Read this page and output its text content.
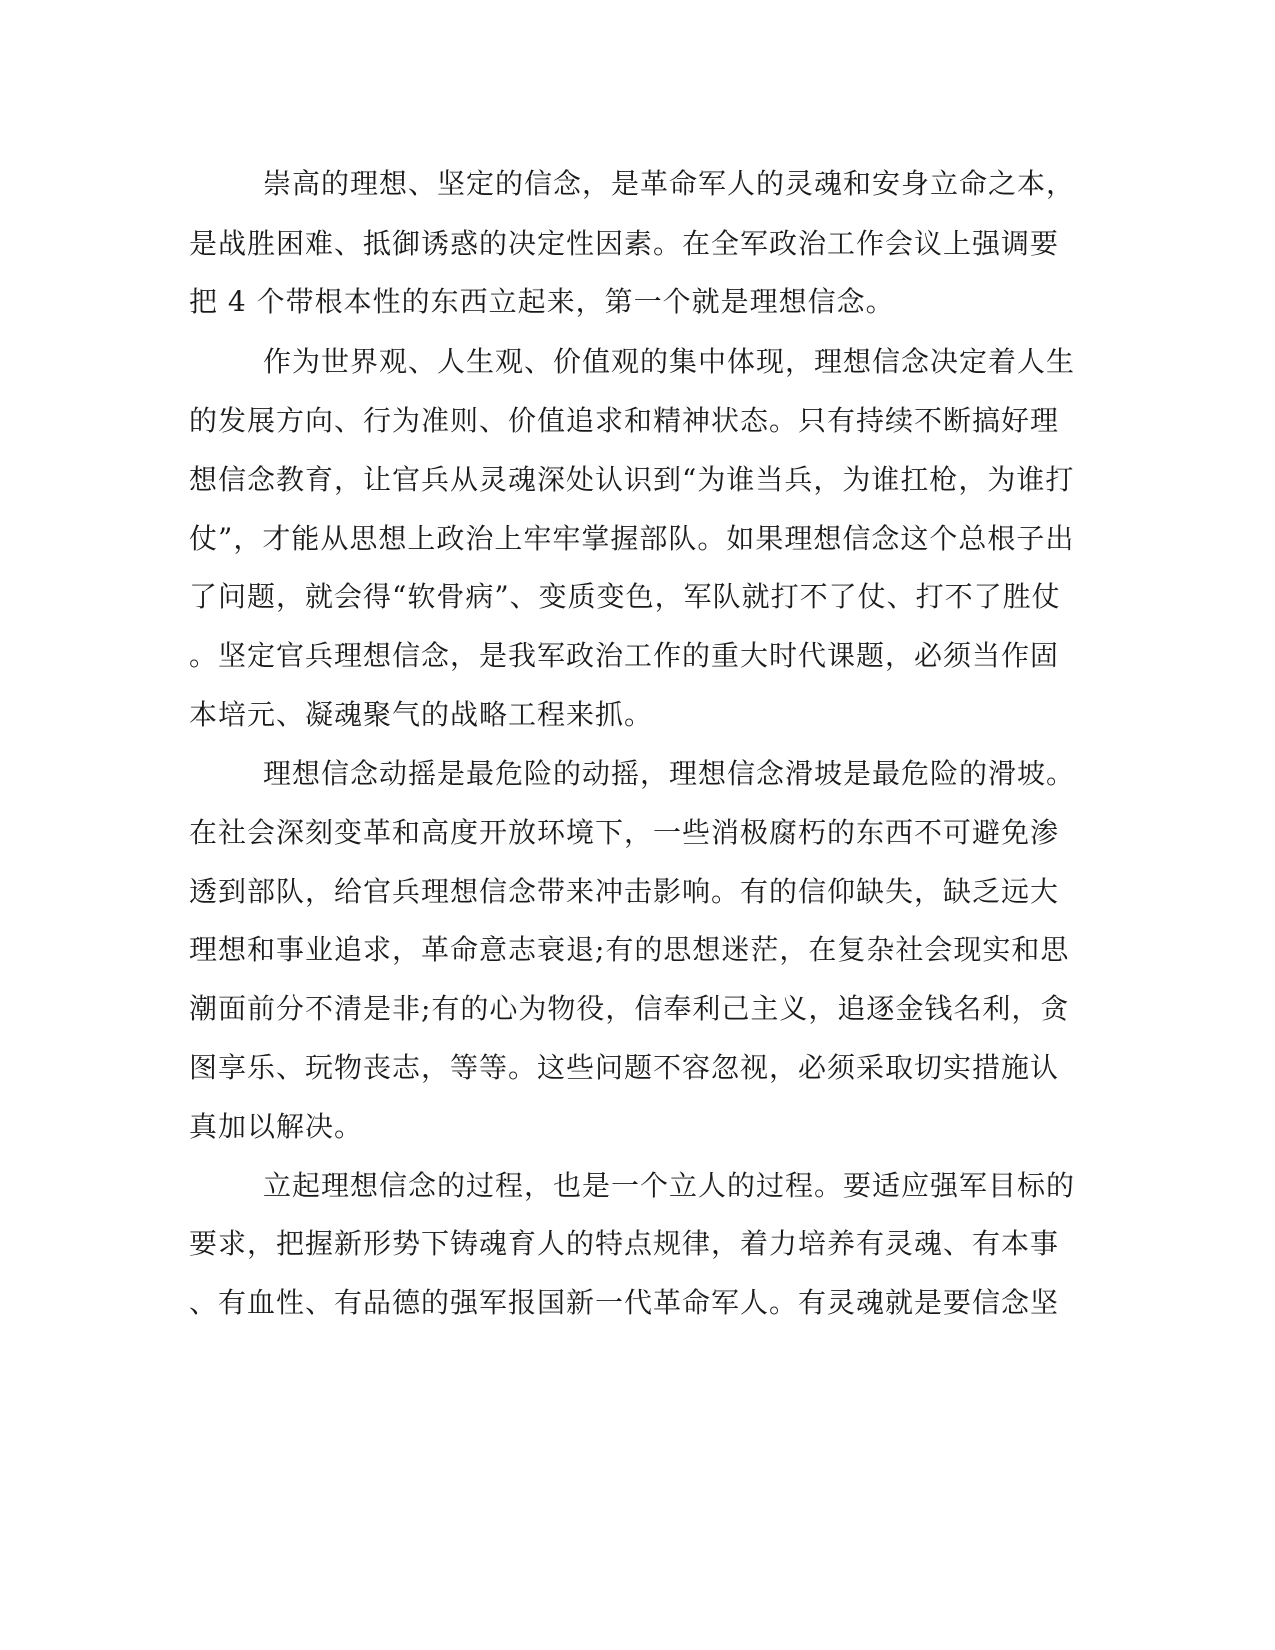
崇高的理想、坚定的信念，是革命军人的灵魂和安身立命之本，
是战胜困难、抵御诱惑的决定性因素。在全军政治工作会议上强调要
把 4 个带根本性的东西立起来，第一个就是理想信念。
作为世界观、人生观、价值观的集中体现，理想信念决定着人生
的发展方向、行为准则、价值追求和精神状态。只有持续不断搞好理
想信念教育，让官兵从灵魂深处认识到“为谁当兵，为谁扛枪，为谁打
仗”，才能从思想上政治上牢牢掌握部队。如果理想信念这个总根子出
了问题，就会得“软骨病”、变质变色，军队就打不了仗、打不了胜仗
。坚定官兵理想信念，是我军政治工作的重大时代课题，必须当作固
本培元、凝魂聚气的战略工程来抓。
理想信念动摇是最危险的动摇，理想信念滑坡是最危险的滑坡。
在社会深刻变革和高度开放环境下，一些消极腐朽的东西不可避免渗
透到部队，给官兵理想信念带来冲击影响。有的信仰缺失，缺乏远大
理想和事业追求，革命意志衰退;有的思想迷茫，在复杂社会现实和思
潮面前分不清是非;有的心为物役，信奉利己主义，追逐金钱名利，贪
图享乐、玩物丧志，等等。这些问题不容忽视，必须采取切实措施认
真加以解决。
立起理想信念的过程，也是一个立人的过程。要适应强军目标的
要求，把握新形势下铸魂育人的特点规律，着力培养有灵魂、有本事
、有血性、有品德的强军报国新一代革命军人。有灵魂就是要信念坚
